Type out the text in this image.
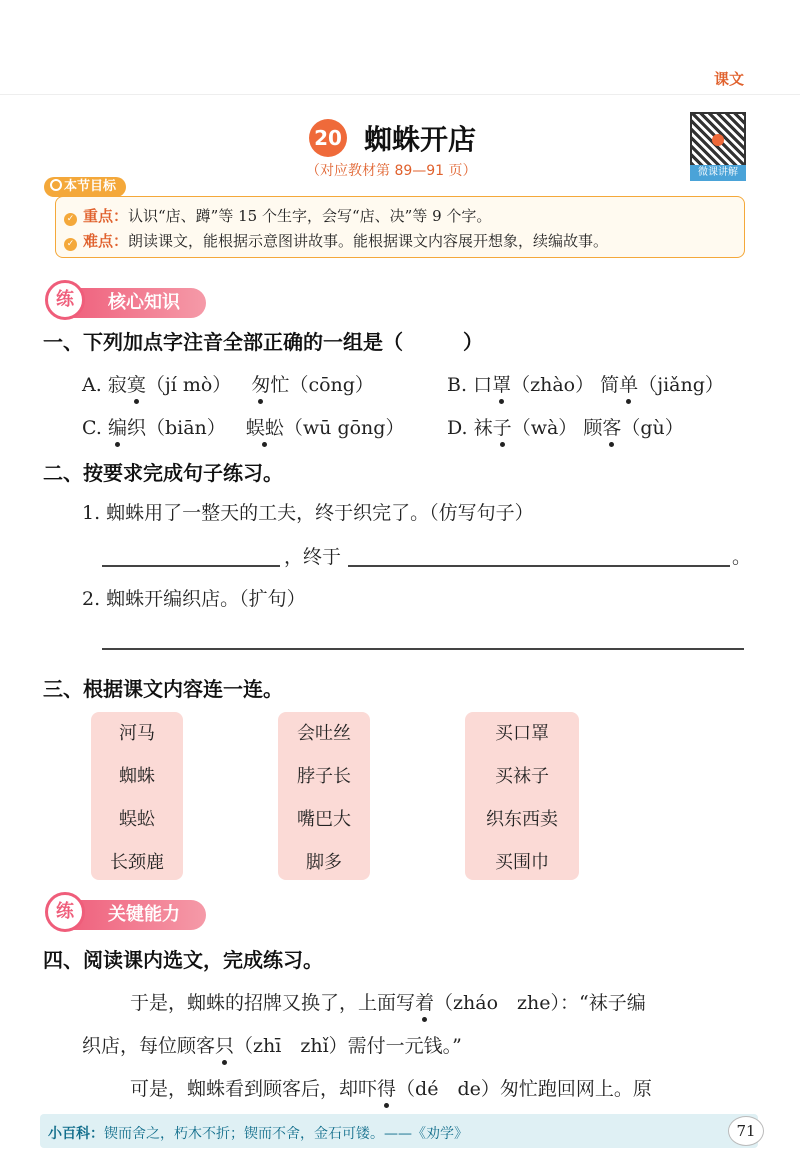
课文
20 蜘蛛开店
（对应教材第 89—91 页）	微课讲解
本节目标
✓ 重点：认识“店、蹲”等 15 个生字，会写“店、决”等 9 个字。
✓ 难点：朗读课文，能根据示意图讲故事。能根据课文内容展开想象，续编故事。
核心知识
练
一、下列加点字注音全部正确的一组是（　　　）
A. 寂寞（jí mò） 匆忙（cōng）	B. 口罩（zhào） 简单（jiǎng）
C. 编织（biān） 蜈蚣（wū gōng） D. 袜子（wà） 顾客（gù）
二、按要求完成句子练习。
1. 蜘蛛用了一整天的工夫，终于织完了。（仿写句子）
，终于	。
2. 蜘蛛开编织店。（扩句）
三、根据课文内容连一连。
河马
蜘蛛
蜈蚣
长颈鹿
会吐丝
脖子长
嘴巴大
脚多
买口罩
买袜子
织东西卖
买围巾
关键能力
练
四、阅读课内选文，完成练习。
于是，蜘蛛的招牌又换了，上面写着（zháo　zhe）：“袜子编
织店，每位顾客只（zhī　zhǐ）需付一元钱。”
可是，蜘蛛看到顾客后，却吓得（dé　de）匆忙跑回网上。原
小百科：锲而舍之，朽木不折；锲而不舍，金石可镂。——《劝学》	71
